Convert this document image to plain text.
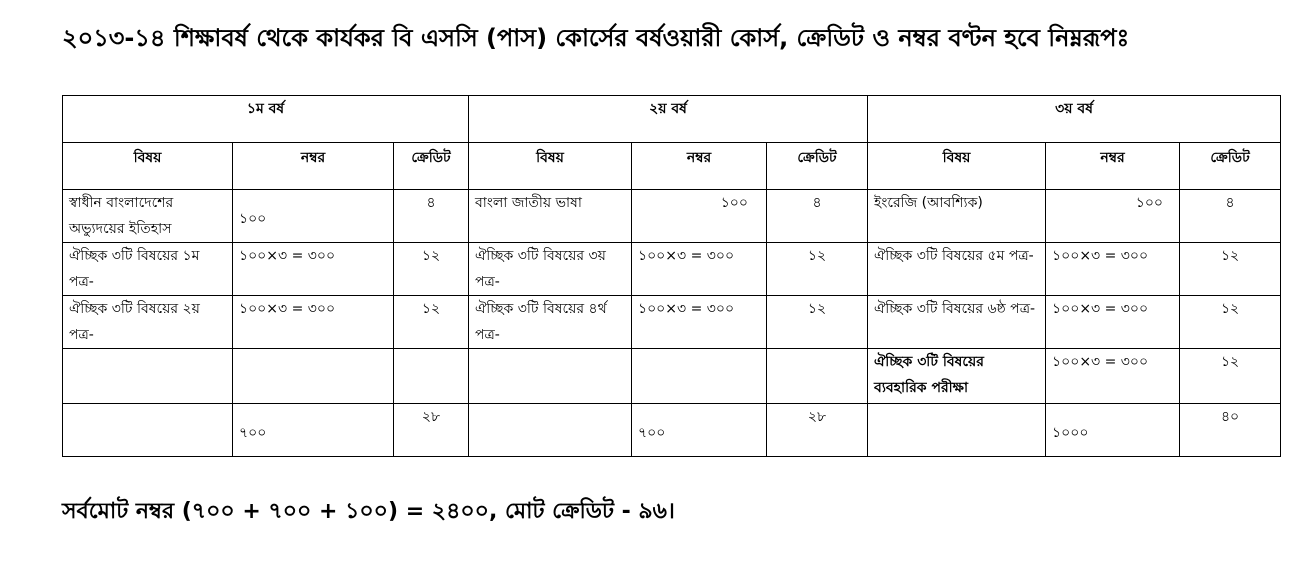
২০১৩-১৪ শিক্ষাবর্ষ থেকে কার্যকর বি এসসি (পাস) কোর্সের বর্ষওয়ারী কোর্স, ক্রেডিট ও নম্বর বণ্টন হবে নিম্নরূপঃ
১ম বর্ষ			২য় বর্ষ			৩য় বর্ষ		
বিষয়	নম্বর	ক্রেডিট	বিষয়	নম্বর	ক্রেডিট	বিষয়	নম্বর	ক্রেডিট
স্বাধীন বাংলাদেশের অভ্যুদয়ের ইতিহাস	১০০	৪	বাংলা জাতীয় ভাষা	১০০	৪	ইংরেজি (আবশ্যিক)	১০০	৪
ঐচ্ছিক ৩টি বিষয়ের ১ম পত্র-	১০০×৩ = ৩০০	১২	ঐচ্ছিক ৩টি বিষয়ের ৩য় পত্র-	১০০×৩ = ৩০০	১২	ঐচ্ছিক ৩টি বিষয়ের ৫ম পত্র-	১০০×৩ = ৩০০	১২
ঐচ্ছিক ৩টি বিষয়ের ২য় পত্র-	১০০×৩ = ৩০০	১২	ঐচ্ছিক ৩টি বিষয়ের ৪র্থ পত্র-	১০০×৩ = ৩০০	১২	ঐচ্ছিক ৩টি বিষয়ের ৬ষ্ঠ পত্র-	১০০×৩ = ৩০০	১২
						ঐচ্ছিক ৩টি বিষয়ের ব্যবহারিক পরীক্ষা	১০০×৩ = ৩০০	১২

	৭০০	২৮		৭০০	২৮		১০০০	৪০
সর্বমোট নম্বর (৭০০ + ৭০০ + ১০০) = ২৪০০, মোট ক্রেডিট - ৯৬।
